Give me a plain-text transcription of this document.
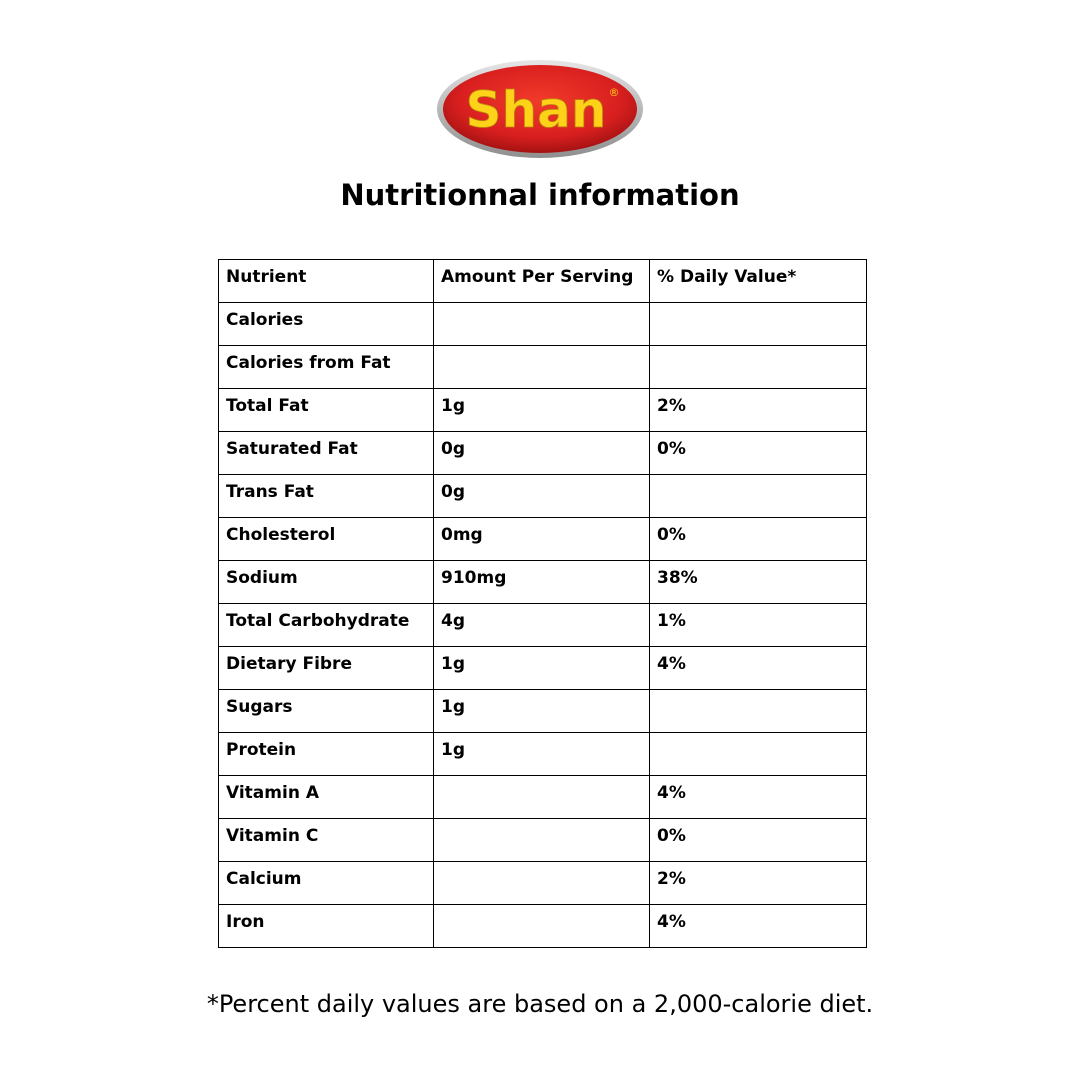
Shan ®
Nutritionnal information
Nutrient	Amount Per Serving	% Daily Value*
Calories		
Calories from Fat		
Total Fat	1g	2%
Saturated Fat	0g	0%
Trans Fat	0g	
Cholesterol	0mg	0%
Sodium	910mg	38%
Total Carbohydrate	4g	1%
Dietary Fibre	1g	4%
Sugars	1g	
Protein	1g	
Vitamin A		4%
Vitamin C		0%
Calcium		2%
Iron		4%
*Percent daily values are based on a 2,000-calorie diet.
